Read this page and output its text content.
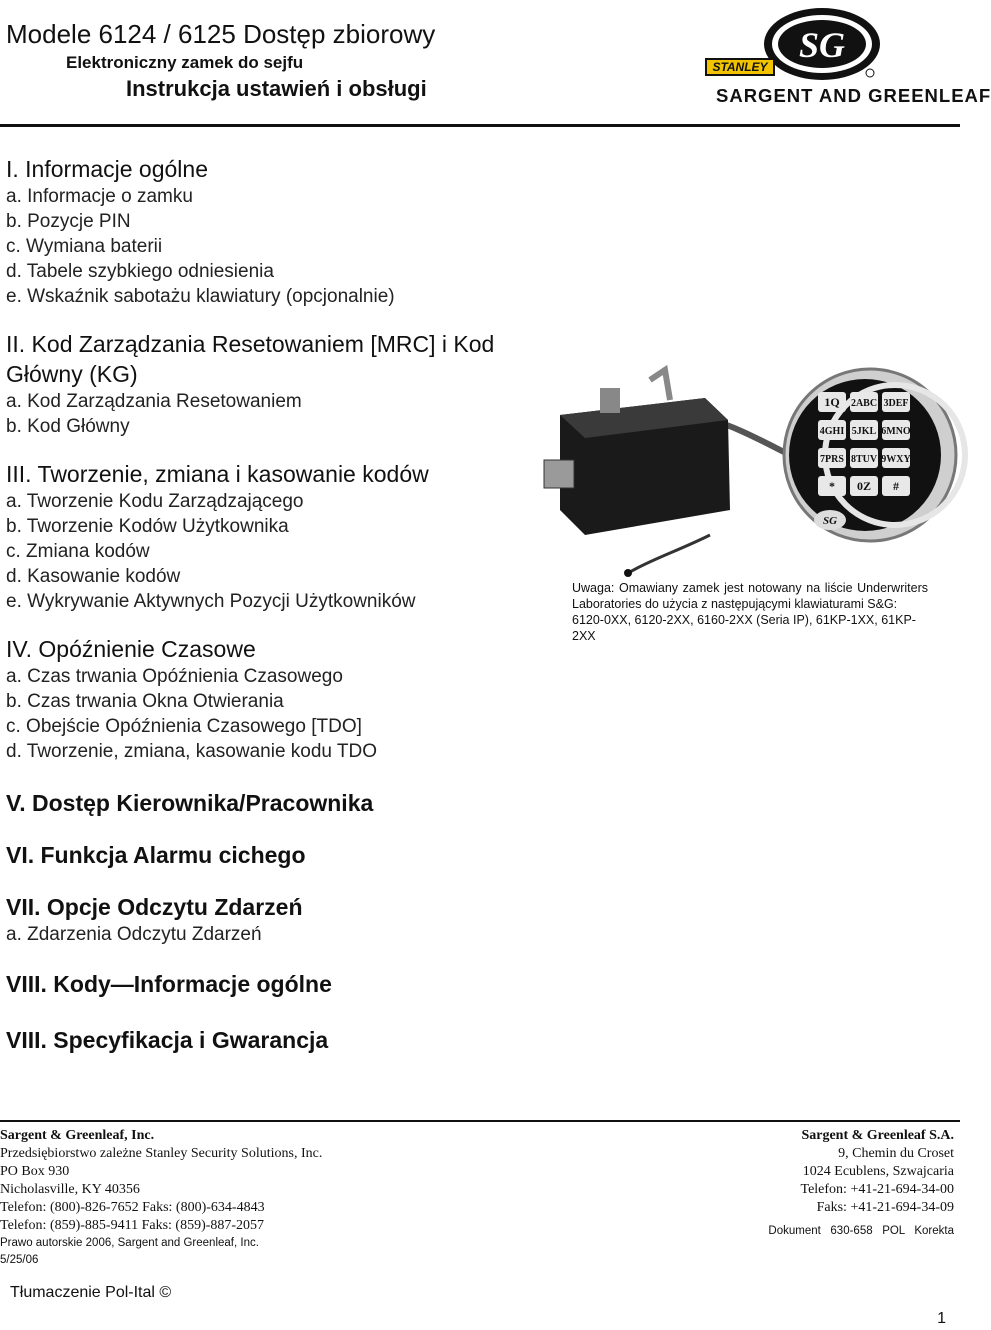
Modele 6124 / 6125 Dostęp zbiorowy
Elektroniczny zamek do sejfu
Instrukcja ustawień i obsługi
SG
STANLEY
SARGENT AND GREENLEAF
I. Informacje ogólne
a. Informacje o zamku
b. Pozycje PIN
c. Wymiana baterii
d. Tabele szybkiego odniesienia
e. Wskaźnik sabotażu klawiatury (opcjonalnie)
II. Kod Zarządzania Resetowaniem [MRC] i Kod Główny (KG)
a. Kod Zarządzania Resetowaniem
b. Kod Główny
III. Tworzenie, zmiana i kasowanie kodów
a. Tworzenie Kodu Zarządzającego
b. Tworzenie Kodów Użytkownika
c. Zmiana kodów
d. Kasowanie kodów
e. Wykrywanie Aktywnych Pozycji Użytkowników
IV. Opóźnienie Czasowe
a. Czas trwania Opóźnienia Czasowego
b. Czas trwania Okna Otwierania
c. Obejście Opóźnienia Czasowego [TDO]
d. Tworzenie, zmiana, kasowanie kodu TDO
V. Dostęp Kierownika/Pracownika
VI. Funkcja Alarmu cichego
VII. Opcje Odczytu Zdarzeń
a. Zdarzenia Odczytu Zdarzeń
VIII. Kody—Informacje ogólne
VIII. Specyfikacja i Gwarancja
1Q 2ABC 3DEF
4GHI 5JKL 6MNO
7PRS 8TUV 9WXY
* 0Z #
SG
Uwaga: Omawiany zamek jest notowany na liście Underwriters Laboratories do użycia z następującymi klawiaturami S&G:
6120-0XX, 6120-2XX, 6160-2XX (Seria IP), 61KP-1XX, 61KP-2XX
Sargent & Greenleaf, Inc.
Przedsiębiorstwo zależne Stanley Security Solutions, Inc.
PO Box 930
Nicholasville, KY 40356
Telefon: (800)-826-7652 Faks: (800)-634-4843
Telefon: (859)-885-9411 Faks: (859)-887-2057
Prawo autorskie 2006, Sargent and Greenleaf, Inc.
5/25/06
Sargent & Greenleaf S.A.
9, Chemin du Croset
1024 Ecublens, Szwajcaria
Telefon: +41-21-694-34-00
Faks: +41-21-694-34-09
Dokument   630-658   POL   Korekta
Tłumaczenie Pol-Ital ©
1
